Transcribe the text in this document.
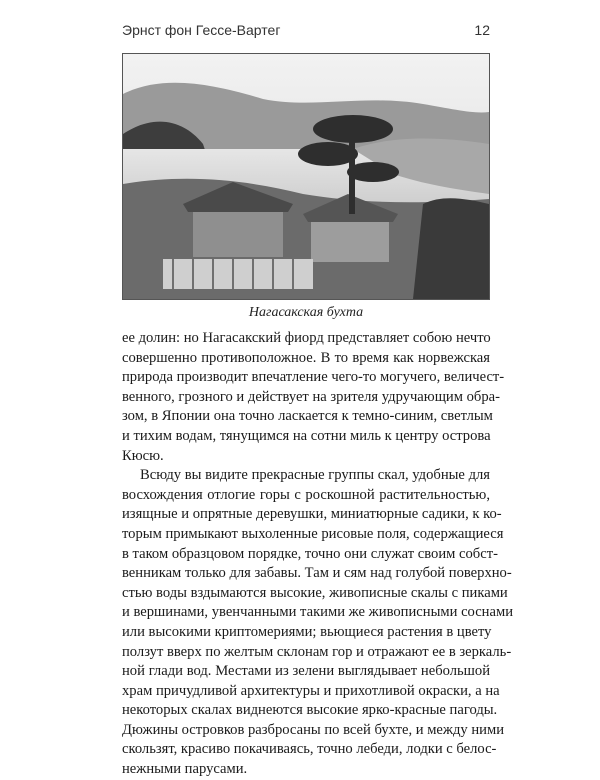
Эрнст фон Гессе-Вартег	12
Нагасакская бухта
ее долин: но Нагасакский фиорд представляет собою нечто
совершенно противоположное. В то время как норвежская
природа производит впечатление чего-то могучего, величест-
венного, грозного и действует на зрителя удручающим обра-
зом, в Японии она точно ласкается к темно-синим, светлым
и тихим водам, тянущимся на сотни миль к центру острова
Кюсю.
Всюду вы видите прекрасные группы скал, удобные для
восхождения отлогие горы с роскошной растительностью,
изящные и опрятные деревушки, миниатюрные садики, к ко-
торым примыкают выхоленные рисовые поля, содержащиеся
в таком образцовом порядке, точно они служат своим собст-
венникам только для забавы. Там и сям над голубой поверхно-
стью воды вздымаются высокие, живописные скалы с пиками
и вершинами, увенчанными такими же живописными соснами
или высокими криптомериями; вьющиеся растения в цвету
ползут вверх по желтым склонам гор и отражают ее в зеркаль-
ной глади вод. Местами из зелени выглядывает небольшой
храм причудливой архитектуры и прихотливой окраски, а на
некоторых скалах виднеются высокие ярко-красные пагоды.
Дюжины островков разбросаны по всей бухте, и между ними
скользят, красиво покачиваясь, точно лебеди, лодки с белос-
нежными парусами.
